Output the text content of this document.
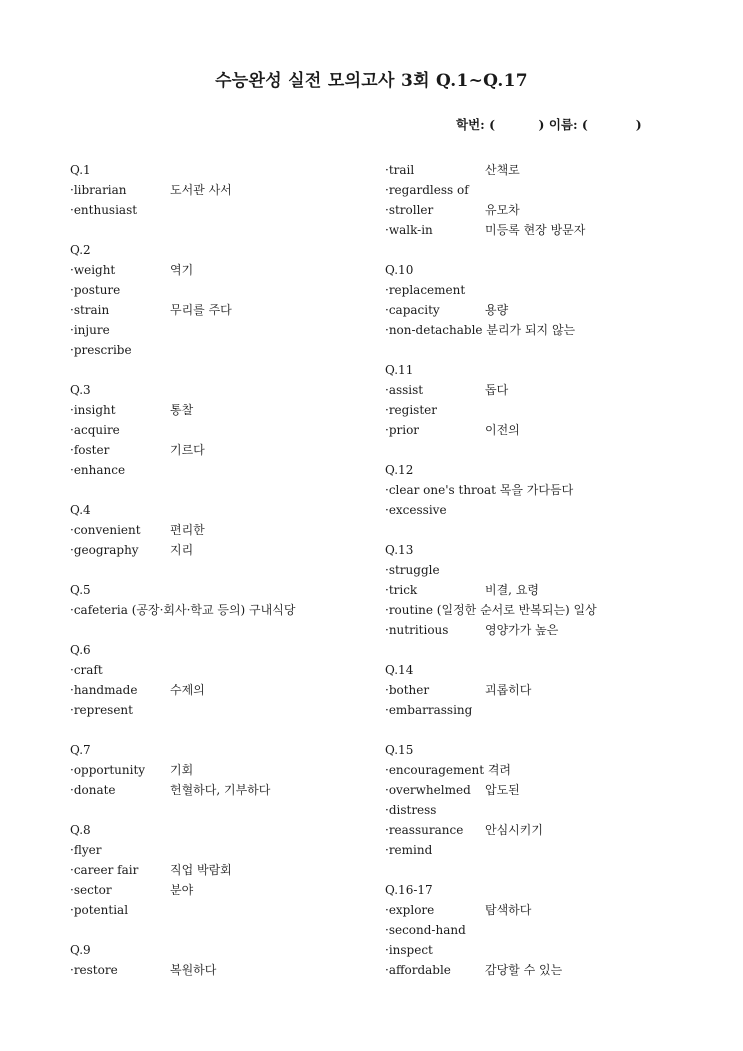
수능완성 실전 모의고사 3회 Q.1~Q.17
학번: (          ) 이름: (           )
Q.1
·librarian	도서관 사서
·enthusiast
Q.2
·weight	역기
·posture
·strain	무리를 주다
·injure
·prescribe
Q.3
·insight	통찰
·acquire
·foster	기르다
·enhance
Q.4
·convenient 편리한
·geography	지리
Q.5
·cafeteria (공장·회사·학교 등의) 구내식당
Q.6
·craft
·handmade	수제의
·represent
Q.7
·opportunity 기회
·donate	헌혈하다, 기부하다
Q.8
·flyer
·career fair	직업 박람회
·sector	분야
·potential
Q.9
·restore	복원하다
·trail	산책로
·regardless of
·stroller	유모차
·walk-in	미등록 현장 방문자
Q.10
·replacement
·capacity	용량
·non-detachable 분리가 되지 않는
Q.11
·assist	돕다
·register
·prior	이전의
Q.12
·clear one's throat 목을 가다듬다
·excessive
Q.13
·struggle
·trick	비결, 요령
·routine (일정한 순서로 반복되는) 일상
·nutritious	영양가가 높은
Q.14
·bother	괴롭히다
·embarrassing
Q.15
·encouragement 격려
·overwhelmed 압도된
·distress
·reassurance 안심시키기
·remind
Q.16-17
·explore	탐색하다
·second-hand
·inspect
·affordable	감당할 수 있는
